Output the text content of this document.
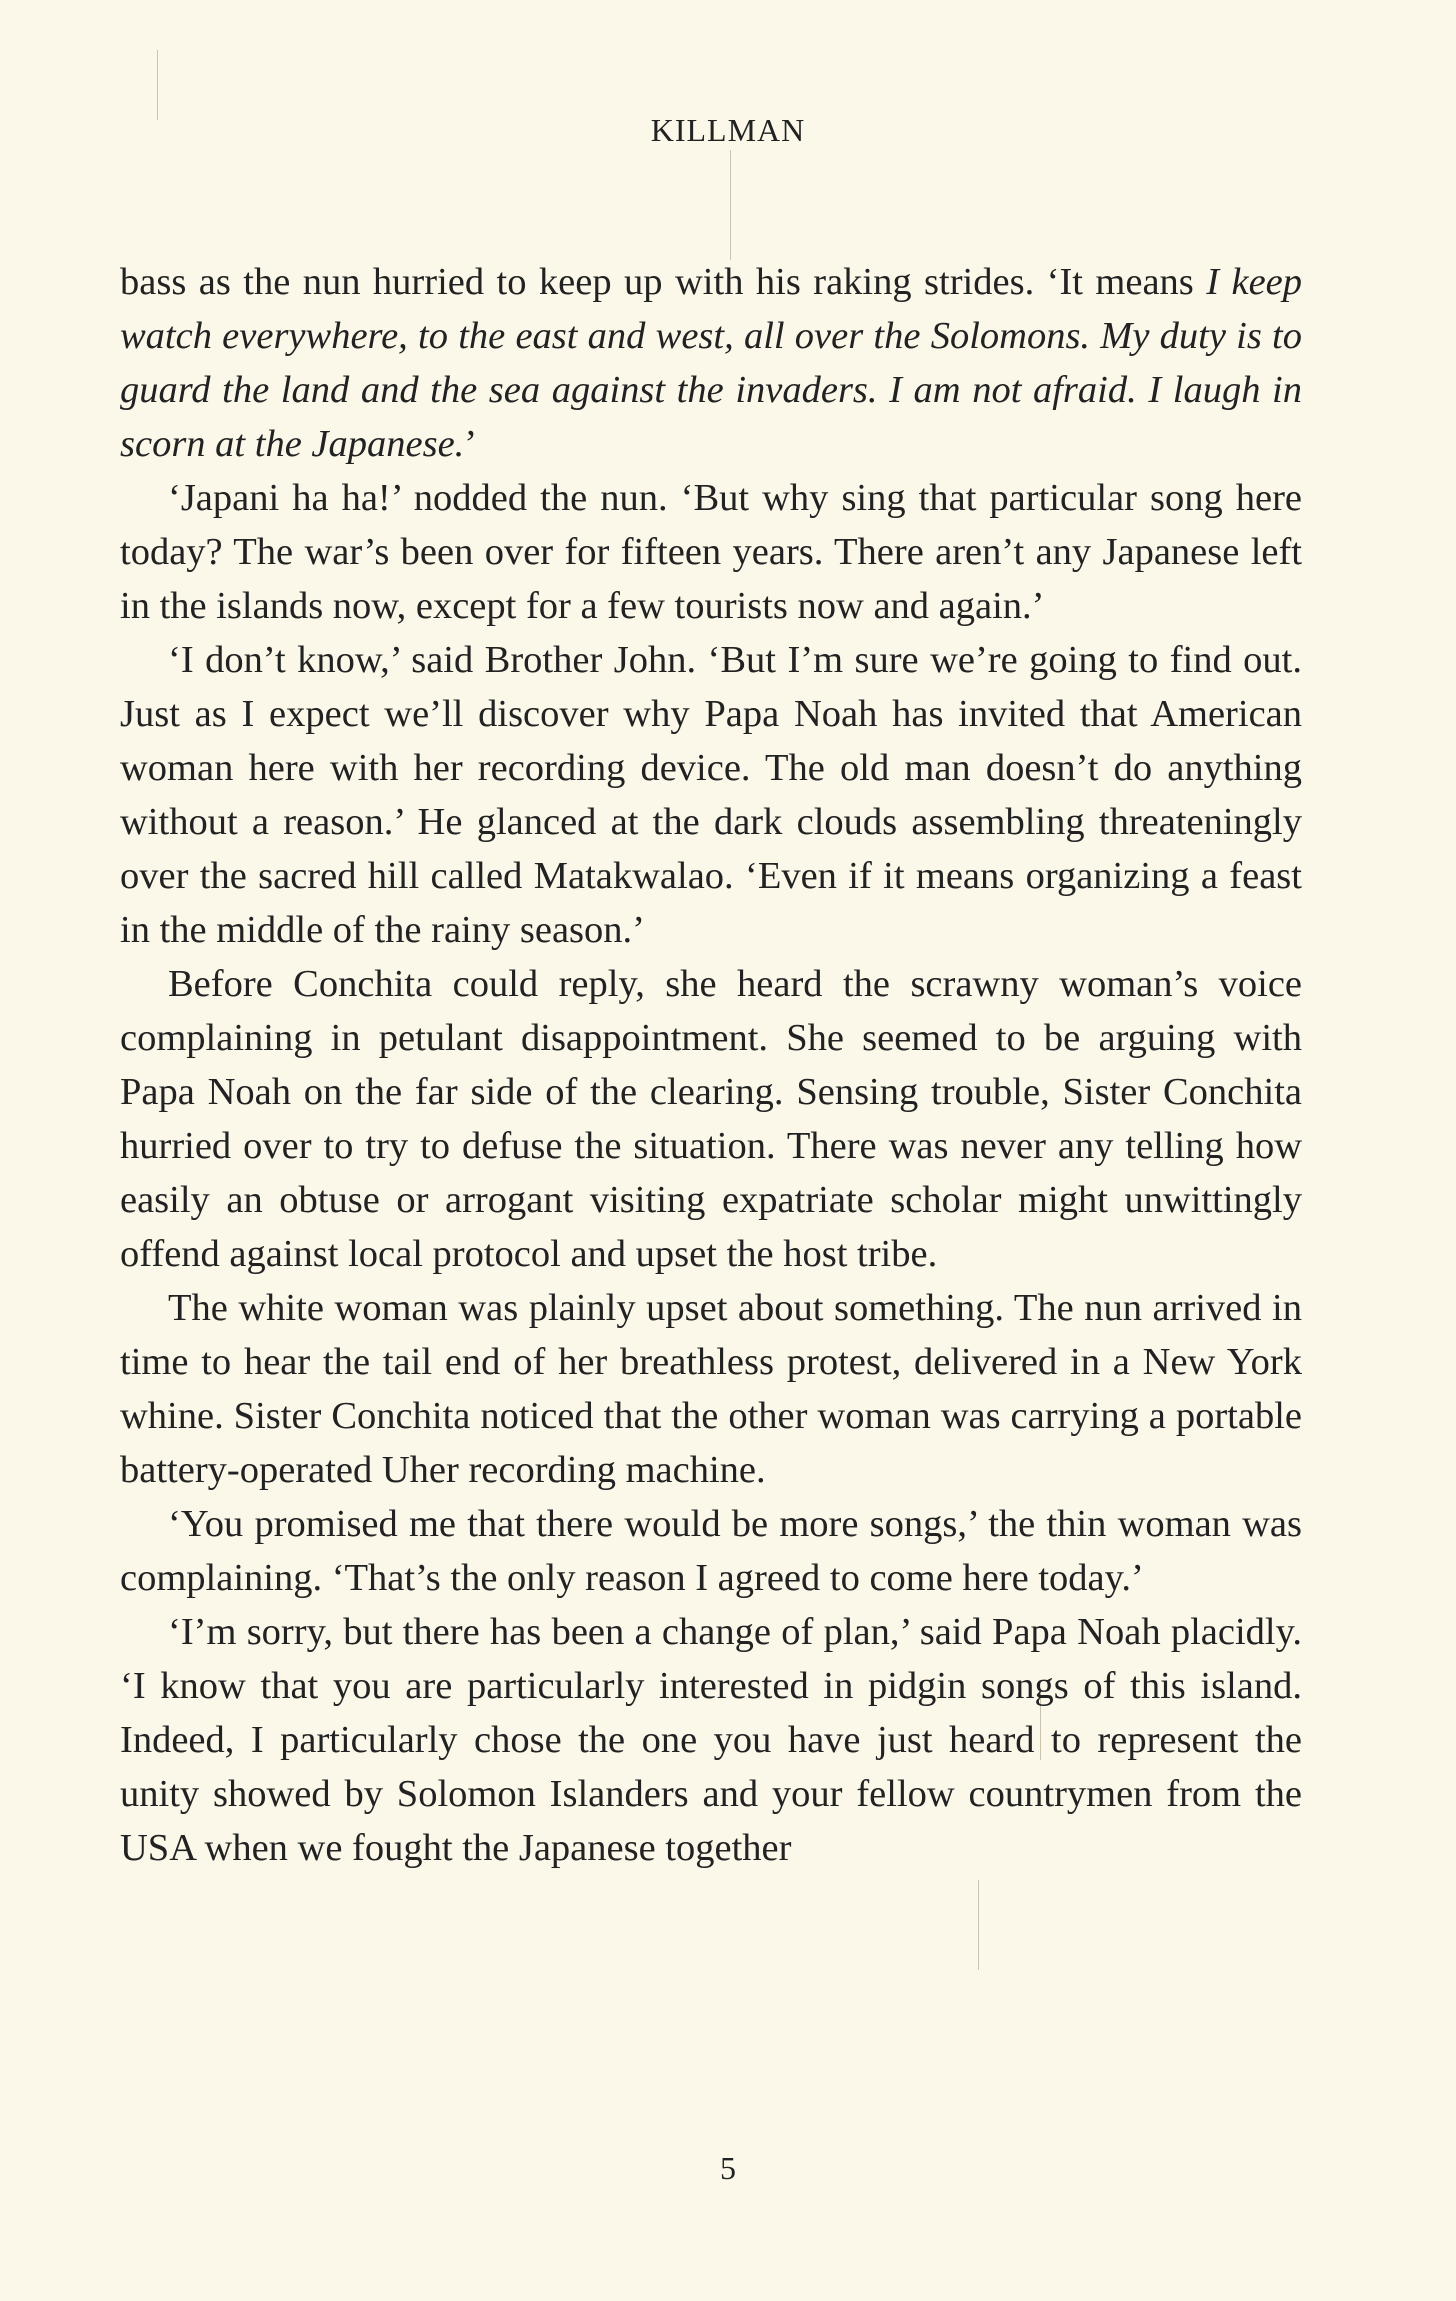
KILLMAN

bass as the nun hurried to keep up with his raking strides. ‘It means I keep watch everywhere, to the east and west, all over the Solomons. My duty is to guard the land and the sea against the invaders. I am not afraid. I laugh in scorn at the Japanese.’

‘Japani ha ha!’ nodded the nun. ‘But why sing that particular song here today? The war’s been over for fifteen years. There aren’t any Japanese left in the islands now, except for a few tourists now and again.’

‘I don’t know,’ said Brother John. ‘But I’m sure we’re going to find out. Just as I expect we’ll discover why Papa Noah has invited that American woman here with her recording device. The old man doesn’t do anything without a reason.’ He glanced at the dark clouds assembling threateningly over the sacred hill called Matakwalao. ‘Even if it means organizing a feast in the middle of the rainy season.’

Before Conchita could reply, she heard the scrawny woman’s voice complaining in petulant disappointment. She seemed to be arguing with Papa Noah on the far side of the clearing. Sensing trouble, Sister Conchita hurried over to try to defuse the situation. There was never any telling how easily an obtuse or arrogant visiting expatriate scholar might unwittingly offend against local protocol and upset the host tribe.

The white woman was plainly upset about something. The nun arrived in time to hear the tail end of her breathless protest, delivered in a New York whine. Sister Conchita noticed that the other woman was carrying a portable battery-operated Uher recording machine.

‘You promised me that there would be more songs,’ the thin woman was complaining. ‘That’s the only reason I agreed to come here today.’

‘I’m sorry, but there has been a change of plan,’ said Papa Noah placidly. ‘I know that you are particularly interested in pidgin songs of this island. Indeed, I particularly chose the one you have just heard to represent the unity showed by Solomon Islanders and your fellow countrymen from the USA when we fought the Japanese together

5
